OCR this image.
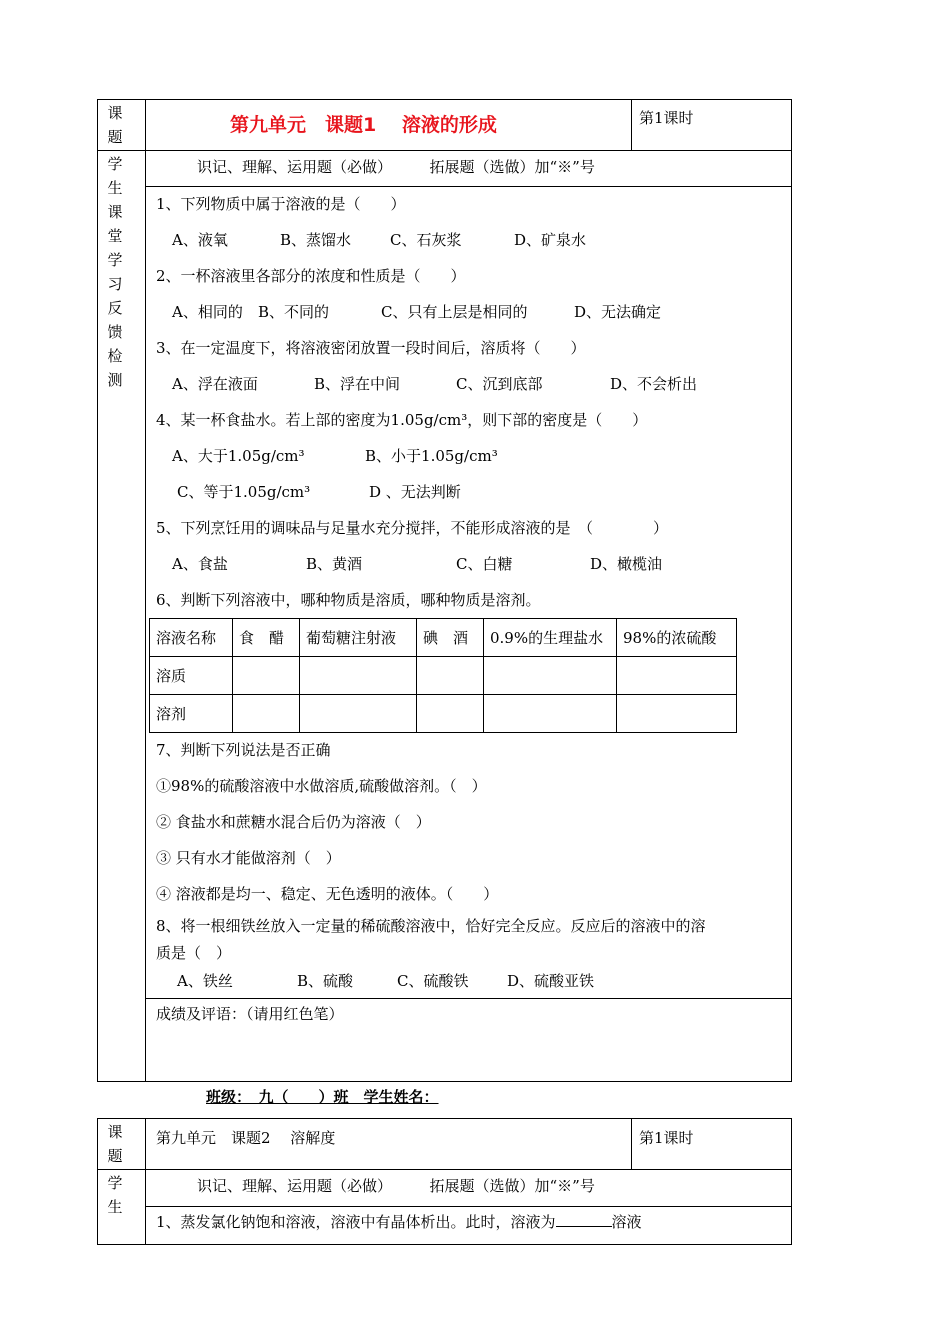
课
题
第九单元　课题1　 溶液的形成	第1课时
学
生
课
堂
学
习
反
馈
检
测
识记、理解、运用题（必做）　　　拓展题（选做）加“※”号
1、下列物质中属于溶液的是（　　）
A、液氧	B、蒸馏水	C、石灰浆	D、矿泉水
2、一杯溶液里各部分的浓度和性质是（　　）
A、相同的 B、不同的	C、只有上层是相同的	D、无法确定
3、在一定温度下，将溶液密闭放置一段时间后，溶质将（　　）
A、浮在液面	B、浮在中间	C、沉到底部	D、不会析出
4、某一杯食盐水。若上部的密度为1.05g/cm³，则下部的密度是（　　）
A、大于1.05g/cm³	B、小于1.05g/cm³
C、等于1.05g/cm³	D 、无法判断
5、下列烹饪用的调味品与足量水充分搅拌，不能形成溶液的是　（　　　　）
A、食盐	B、黄酒	C、白糖	D、橄榄油
6、判断下列溶液中，哪种物质是溶质，哪种物质是溶剂。
溶液名称	食　醋	葡萄糖注射液	碘　酒	0.9%的生理盐水	98%的浓硫酸
溶质					
溶剂					
7、判断下列说法是否正确
①98%的硫酸溶液中水做溶质,硫酸做溶剂。（　）
② 食盐水和蔗糖水混合后仍为溶液（　）
③ 只有水才能做溶剂（　）
④ 溶液都是均一、稳定、无色透明的液体。（　　）
8、将一根细铁丝放入一定量的稀硫酸溶液中，恰好完全反应。反应后的溶液中的溶
质是（　）
A、铁丝	B、硫酸	C、硫酸铁	D、硫酸亚铁
成绩及评语：（请用红色笔）
班级：　九（　　）班　学生姓名：
课
题
第九单元　课题2　 溶解度	第1课时
学
生
识记、理解、运用题（必做）　　　拓展题（选做）加“※”号
1、蒸发氯化钠饱和溶液，溶液中有晶体析出。此时，溶液为	溶液
